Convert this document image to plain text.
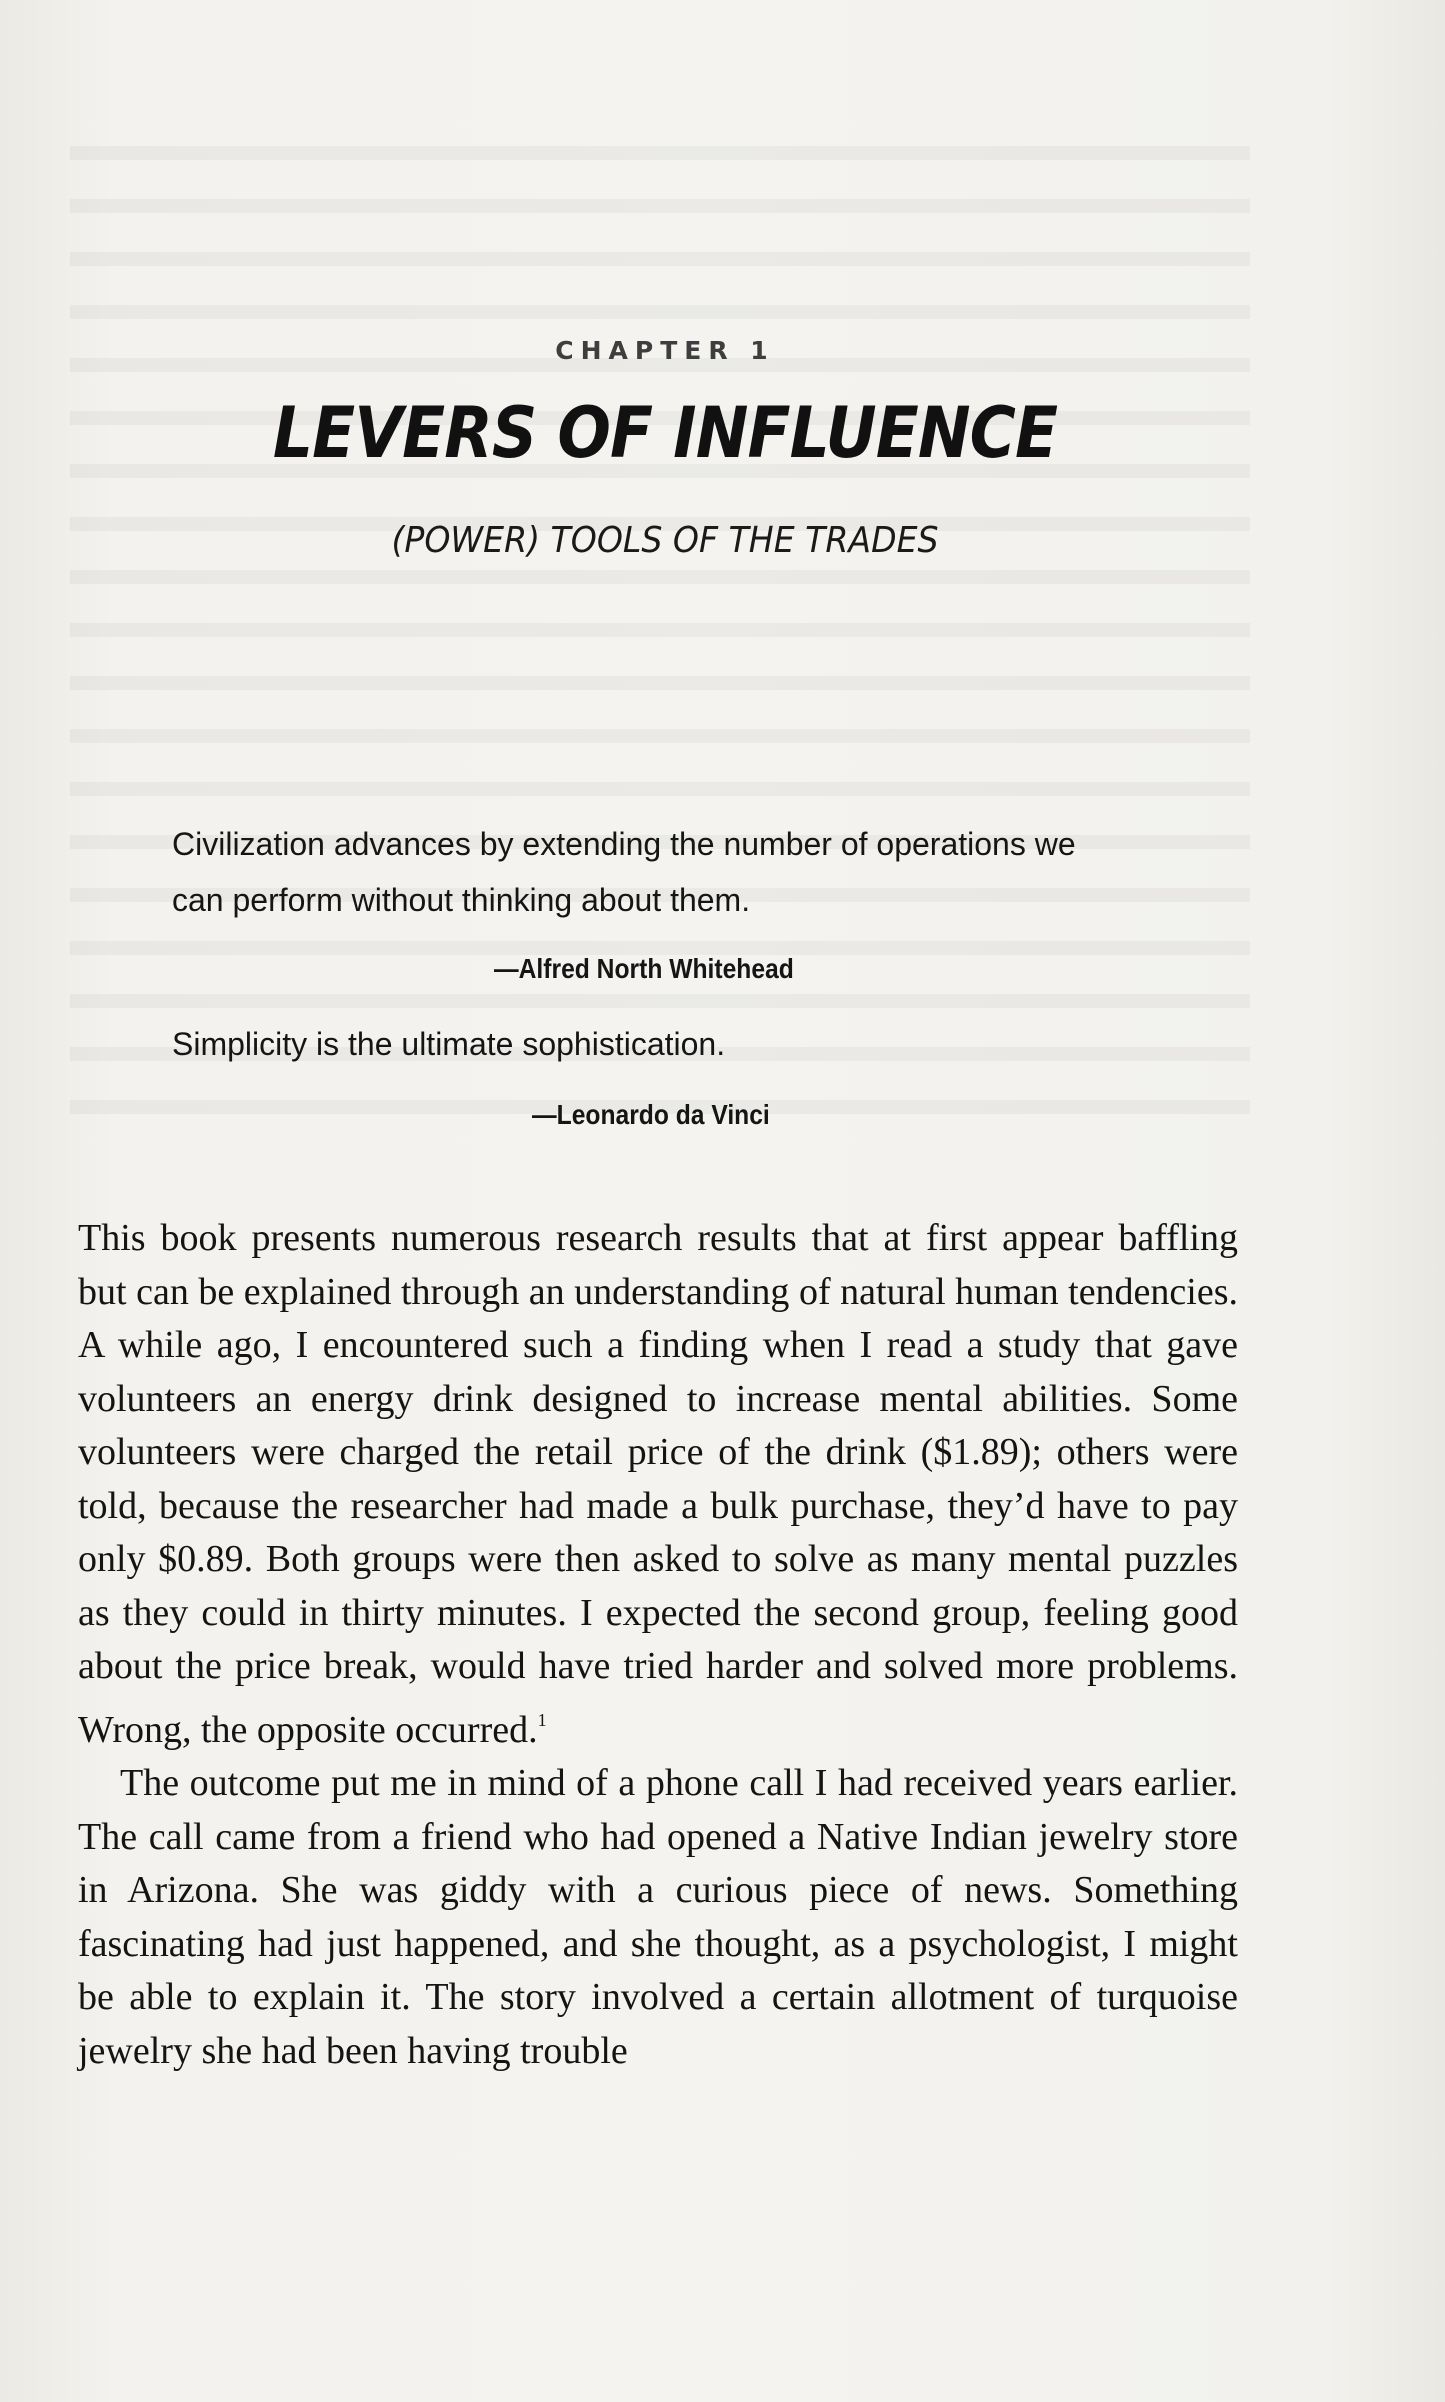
CHAPTER 1
LEVERS OF INFLUENCE
(POWER) TOOLS OF THE TRADES
Civilization advances by extending the number of operations we can perform without thinking about them.
—Alfred North Whitehead
Simplicity is the ultimate sophistication.
—Leonardo da Vinci

This book presents numerous research results that at first appear baffling but can be explained through an understanding of natural human tendencies. A while ago, I encountered such a finding when I read a study that gave volunteers an energy drink designed to increase mental abilities. Some volunteers were charged the retail price of the drink ($1.89); others were told, because the researcher had made a bulk purchase, they’d have to pay only $0.89. Both groups were then asked to solve as many mental puzzles as they could in thirty minutes. I expected the second group, feeling good about the price break, would have tried harder and solved more problems. Wrong, the opposite occurred.$^1$

The outcome put me in mind of a phone call I had received years earlier. The call came from a friend who had opened a Native Indian jewelry store in Arizona. She was giddy with a curious piece of news. Something fascinating had just happened, and she thought, as a psychologist, I might be able to explain it. The story involved a certain allotment of turquoise jewelry she had been having trouble
